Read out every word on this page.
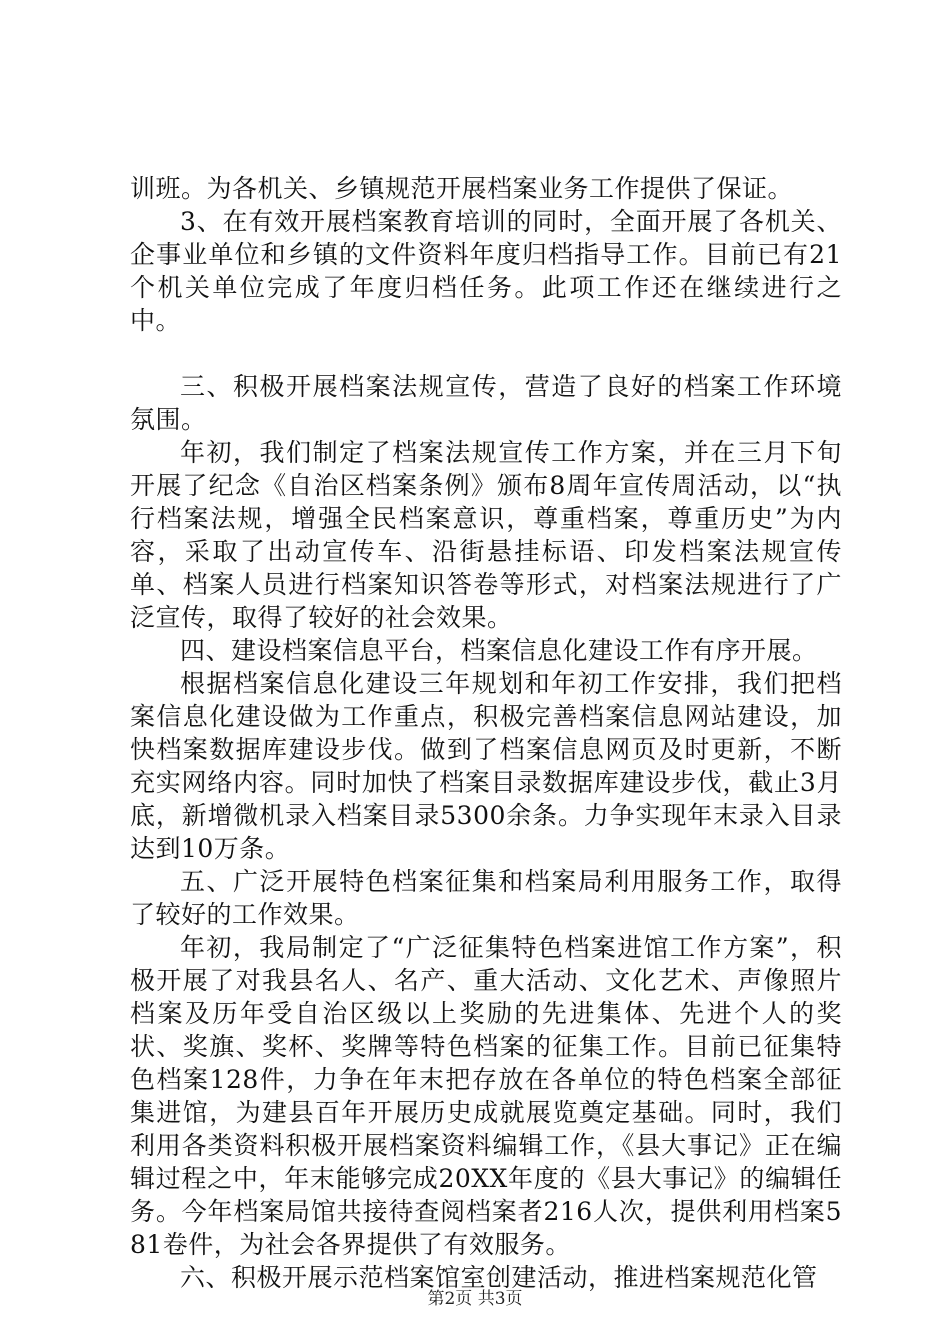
训班。为各机关、乡镇规范开展档案业务工作提供了保证。

3、在有效开展档案教育培训的同时，全面开展了各机关、企事业单位和乡镇的文件资料年度归档指导工作。目前已有21个机关单位完成了年度归档任务。此项工作还在继续进行之中。

三、积极开展档案法规宣传，营造了良好的档案工作环境氛围。

年初，我们制定了档案法规宣传工作方案，并在三月下旬开展了纪念《自治区档案条例》颁布8周年宣传周活动，以“执行档案法规，增强全民档案意识，尊重档案，尊重历史”为内容，采取了出动宣传车、沿街悬挂标语、印发档案法规宣传单、档案人员进行档案知识答卷等形式，对档案法规进行了广泛宣传，取得了较好的社会效果。

四、建设档案信息平台，档案信息化建设工作有序开展。

根据档案信息化建设三年规划和年初工作安排，我们把档案信息化建设做为工作重点，积极完善档案信息网站建设，加快档案数据库建设步伐。做到了档案信息网页及时更新，不断充实网络内容。同时加快了档案目录数据库建设步伐，截止3月底，新增微机录入档案目录5300余条。力争实现年末录入目录达到10万条。

五、广泛开展特色档案征集和档案局利用服务工作，取得了较好的工作效果。

年初，我局制定了“广泛征集特色档案进馆工作方案”，积极开展了对我县名人、名产、重大活动、文化艺术、声像照片档案及历年受自治区级以上奖励的先进集体、先进个人的奖状、奖旗、奖杯、奖牌等特色档案的征集工作。目前已征集特色档案128件，力争在年末把存放在各单位的特色档案全部征集进馆，为建县百年开展历史成就展览奠定基础。同时，我们利用各类资料积极开展档案资料编辑工作，《县大事记》正在编辑过程之中，年末能够完成20XX年度的《县大事记》的编辑任务。今年档案局馆共接待查阅档案者216人次，提供利用档案581卷件，为社会各界提供了有效服务。

六、积极开展示范档案馆室创建活动，推进档案规范化管

第2页 共3页
